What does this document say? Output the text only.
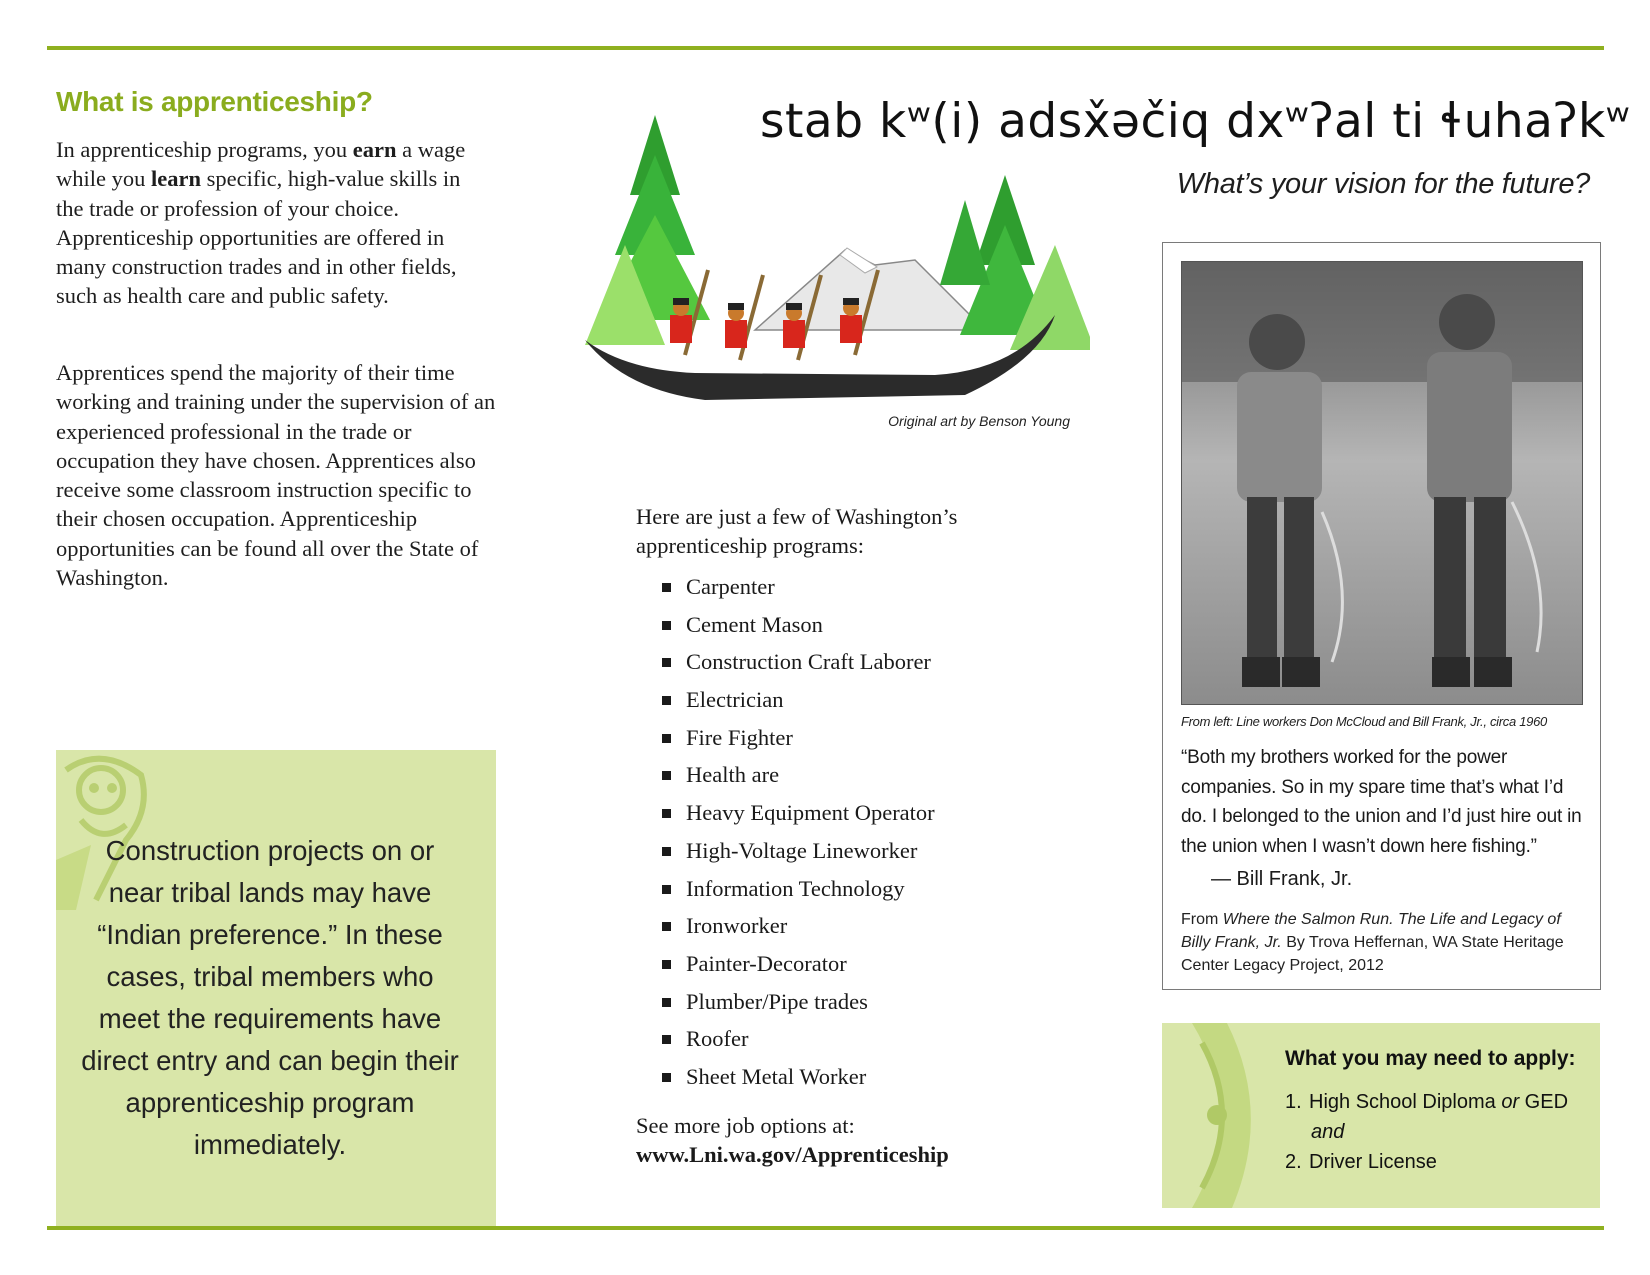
What is apprenticeship?
In apprenticeship programs, you earn a wage while you learn specific, high-value skills in the trade or profession of your choice. Apprenticeship opportunities are offered in many construction trades and in other fields, such as health care and public safety.
Apprentices spend the majority of their time working and training under the supervision of an experienced professional in the trade or occupation they have chosen. Apprentices also receive some classroom instruction specific to their chosen occupation. Apprenticeship opportunities can be found all over the State of Washington.

Construction projects on or near tribal lands may have “Indian preference.” In these cases, tribal members who meet the requirements have direct entry and can begin their apprenticeship program immediately.

Original art by Benson Young
Here are just a few of Washington’s apprenticeship programs:
Carpenter
Cement Mason
Construction Craft Laborer
Electrician
Fire Fighter
Health are
Heavy Equipment Operator
High-Voltage Lineworker
Information Technology
Ironworker
Painter-Decorator
Plumber/Pipe trades
Roofer
Sheet Metal Worker
See more job options at:
www.Lni.wa.gov/Apprenticeship
stab kʷ(i) adsx̌əčiq dxʷʔal ti ɬuhaʔkʷ
What’s your vision for the future?
From left: Line workers Don McCloud and Bill Frank, Jr., circa 1960

“Both my brothers worked for the power companies. So in my spare time that’s what I’d do. I belonged to the union and I’d just hire out in the union when I wasn’t down here fishing.”

— Bill Frank, Jr.
From Where the Salmon Run. The Life and Legacy of Billy Frank, Jr. By Trova Heffernan, WA State Heritage Center Legacy Project, 2012
What you may need to apply:
1. High School Diploma or GED
and
2. Driver License
